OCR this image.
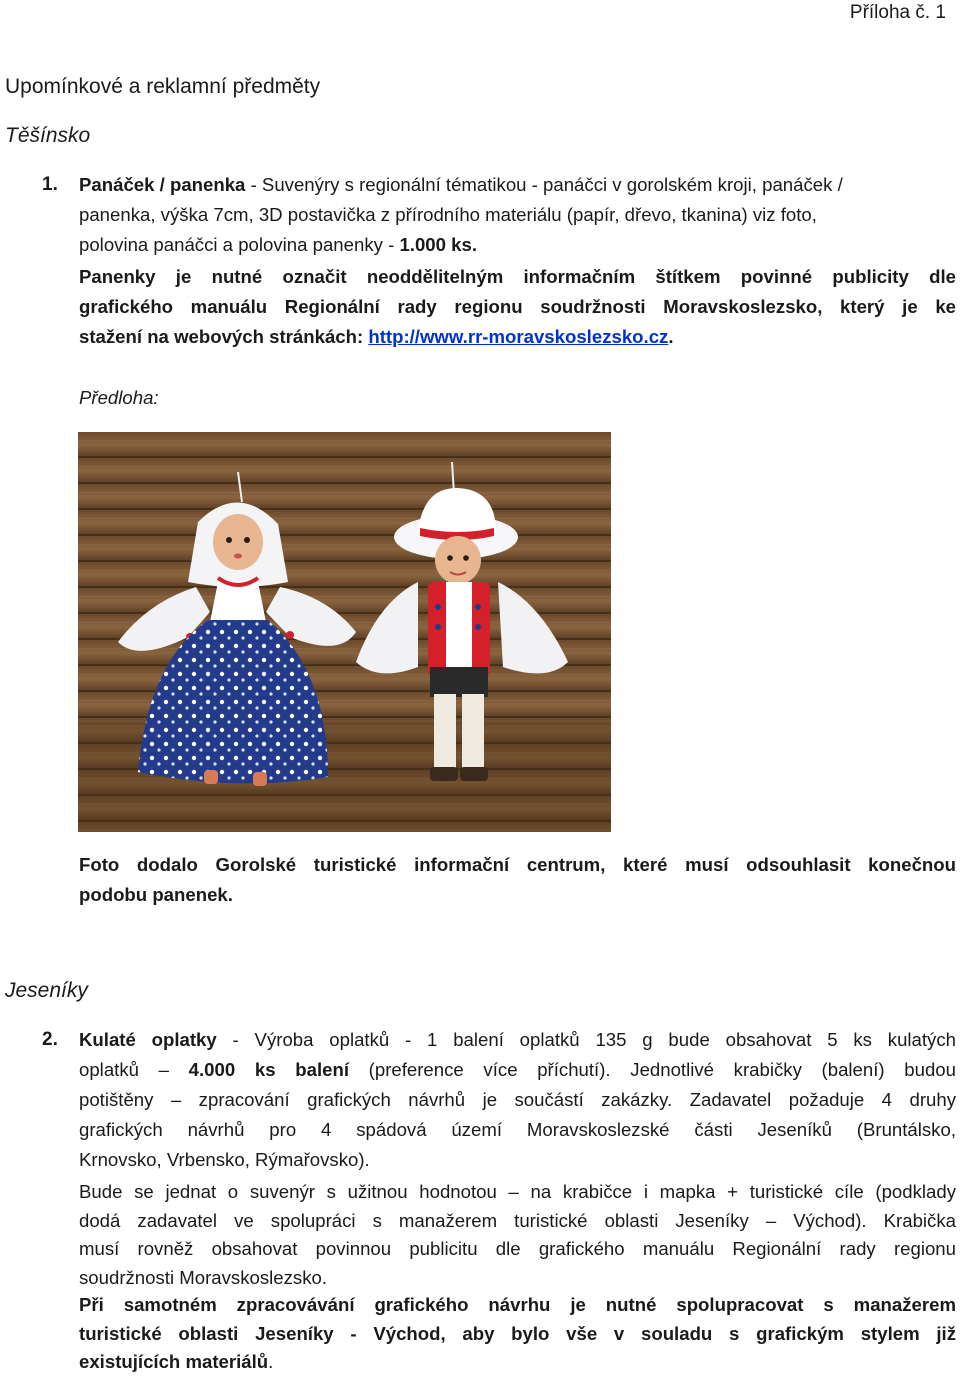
Příloha č. 1
Upomínkové a reklamní předměty
Těšínsko
1. Panáček / panenka - Suvenýry s regionální tématikou - panáčci v gorolském kroji, panáček /
panenka, výška 7cm, 3D postavička z přírodního materiálu (papír, dřevo, tkanina) viz foto,
polovina panáčci a polovina panenky - 1.000 ks.
Panenky je nutné označit neoddělitelným informačním štítkem povinné publicity dle
grafického manuálu Regionální rady regionu soudržnosti Moravskoslezsko, který je ke
stažení na webových stránkách: http://www.rr-moravskoslezsko.cz.
Předloha:
Foto dodalo Gorolské turistické informační centrum, které musí odsouhlasit konečnou
podobu panenek.
Jeseníky
2. Kulaté oplatky - Výroba oplatků - 1 balení oplatků 135 g bude obsahovat 5 ks kulatých
oplatků – 4.000 ks balení (preference více příchutí). Jednotlivé krabičky (balení) budou
potištěny – zpracování grafických návrhů je součástí zakázky. Zadavatel požaduje 4 druhy
grafických návrhů pro 4 spádová území Moravskoslezské části Jeseníků (Bruntálsko,
Krnovsko, Vrbensko, Rýmařovsko).
Bude se jednat o suvenýr s užitnou hodnotou – na krabičce i mapka + turistické cíle (podklady
dodá zadavatel ve spolupráci s manažerem turistické oblasti Jeseníky – Východ). Krabička
musí rovněž obsahovat povinnou publicitu dle grafického manuálu Regionální rady regionu
soudržnosti Moravskoslezsko.
Při samotném zpracovávání grafického návrhu je nutné spolupracovat s manažerem
turistické oblasti Jeseníky - Východ, aby bylo vše v souladu s grafickým stylem již
existujících materiálů.
